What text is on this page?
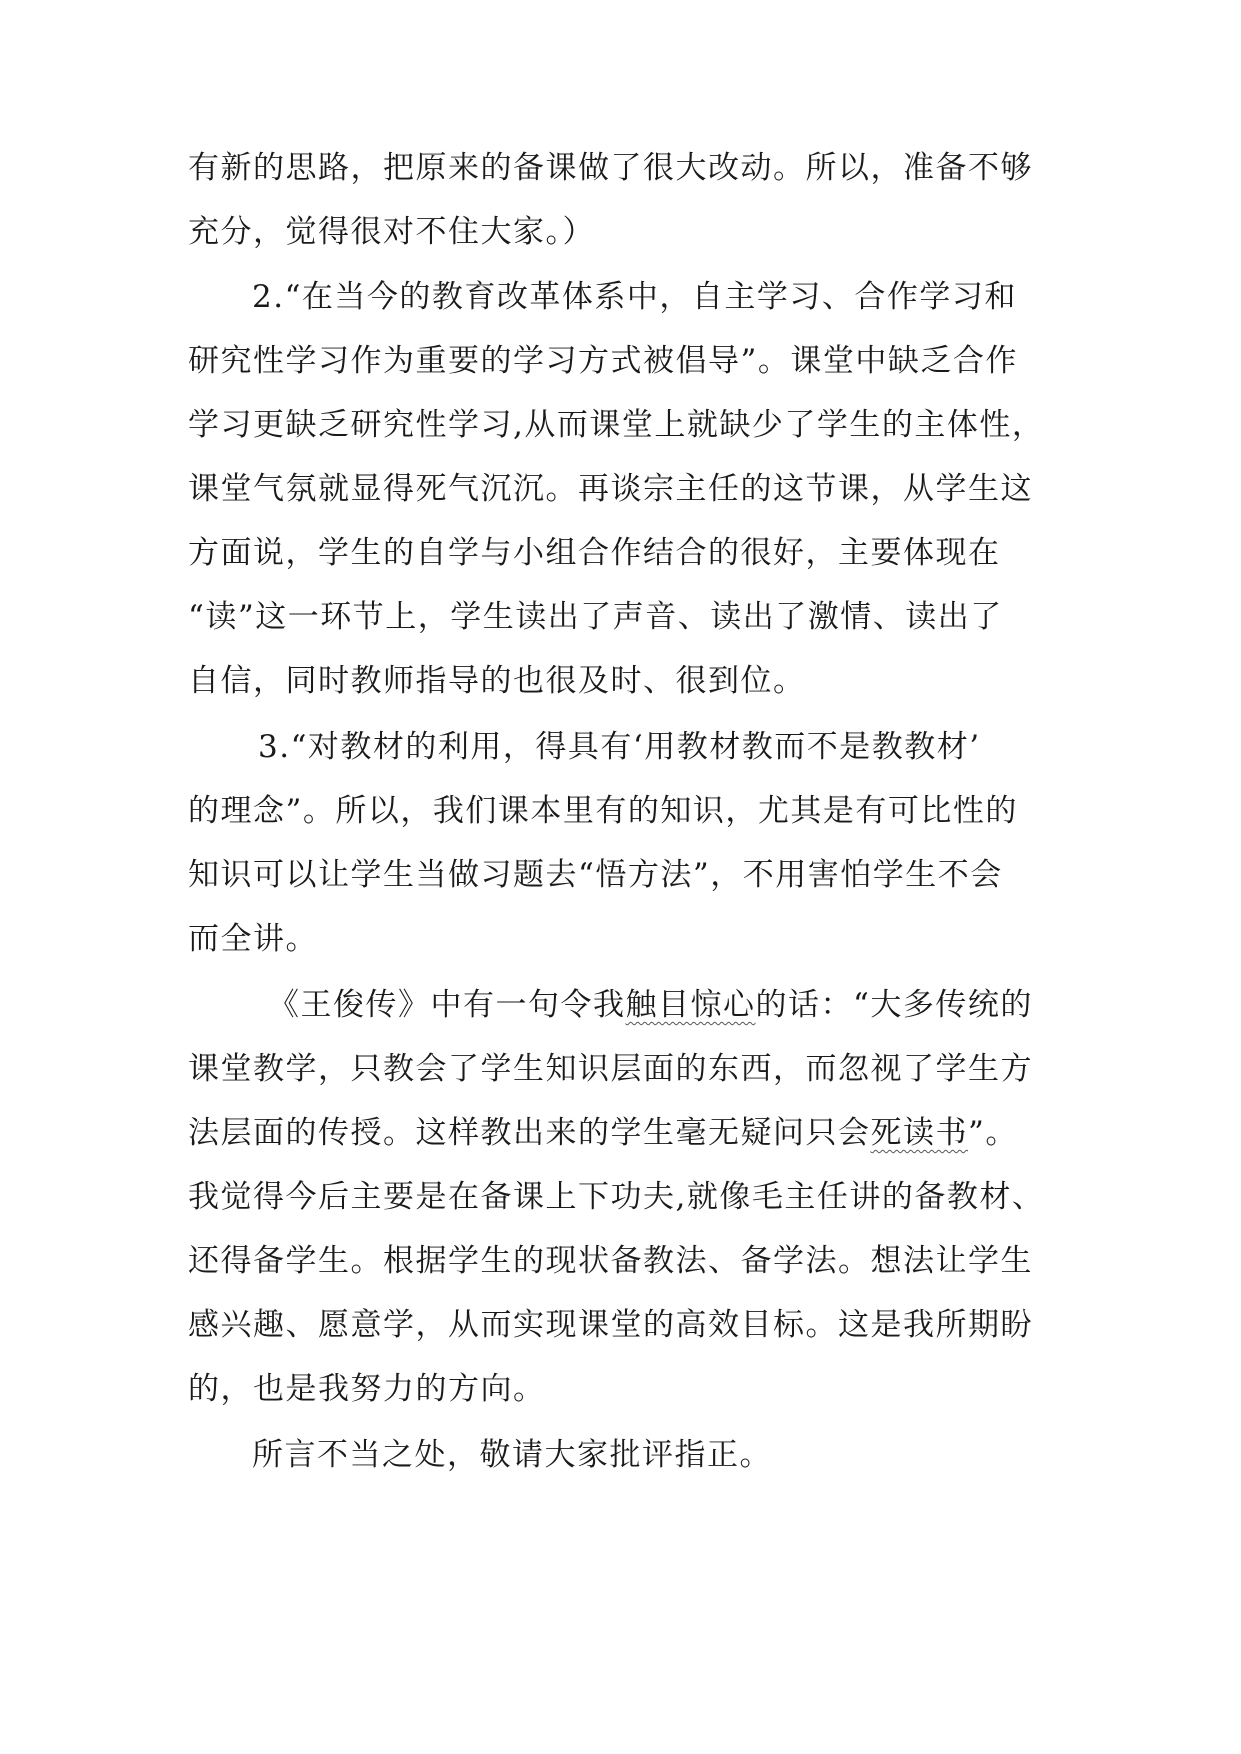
有新的思路，把原来的备课做了很大改动。所以，准备不够
充分，觉得很对不住大家。）
2.“在当今的教育改革体系中，自主学习、合作学习和
研究性学习作为重要的学习方式被倡导”。课堂中缺乏合作
学习更缺乏研究性学习,从而课堂上就缺少了学生的主体性，
课堂气氛就显得死气沉沉。再谈宗主任的这节课，从学生这
方面说，学生的自学与小组合作结合的很好，主要体现在
“读”这一环节上，学生读出了声音、读出了激情、读出了
自信，同时教师指导的也很及时、很到位。
3.“对教材的利用，得具有‘用教材教而不是教教材’
的理念”。所以，我们课本里有的知识，尤其是有可比性的
知识可以让学生当做习题去“悟方法”，不用害怕学生不会
而全讲。
《王俊传》中有一句令我触目惊心的话：“大多传统的
课堂教学，只教会了学生知识层面的东西，而忽视了学生方
法层面的传授。这样教出来的学生毫无疑问只会死读书”。
我觉得今后主要是在备课上下功夫,就像毛主任讲的备教材、
还得备学生。根据学生的现状备教法、备学法。想法让学生
感兴趣、愿意学，从而实现课堂的高效目标。这是我所期盼
的，也是我努力的方向。
所言不当之处，敬请大家批评指正。
